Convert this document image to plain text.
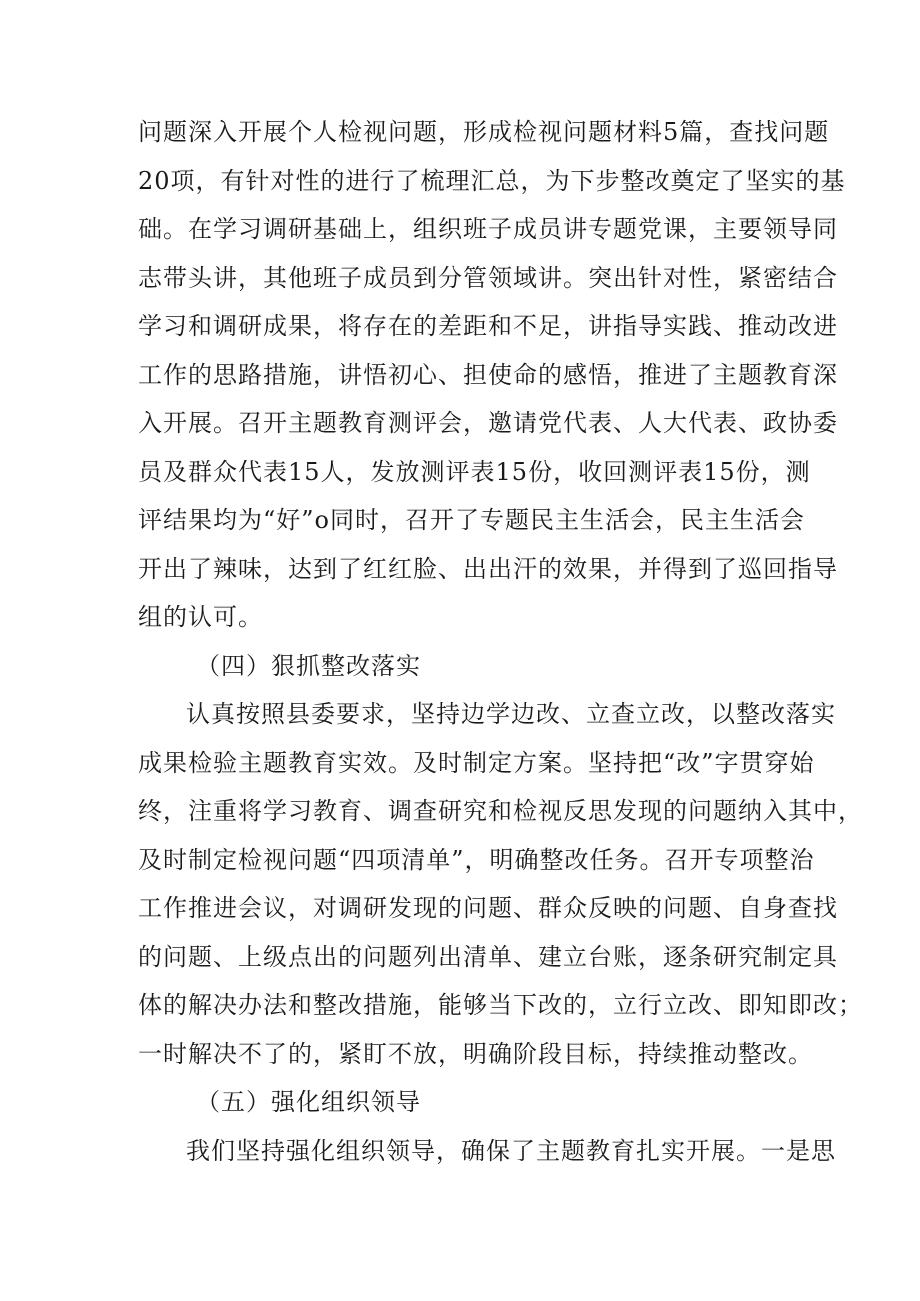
问题深入开展个人检视问题，形成检视问题材料5篇，查找问题
20项，有针对性的进行了梳理汇总，为下步整改奠定了坚实的基
础。在学习调研基础上，组织班子成员讲专题党课，主要领导同
志带头讲，其他班子成员到分管领域讲。突出针对性，紧密结合
学习和调研成果，将存在的差距和不足，讲指导实践、推动改进
工作的思路措施，讲悟初心、担使命的感悟，推进了主题教育深
入开展。召开主题教育测评会，邀请党代表、人大代表、政协委
员及群众代表15人，发放测评表15份，收回测评表15份，测
评结果均为“好”o同时，召开了专题民主生活会，民主生活会
开出了辣味，达到了红红脸、出出汗的效果，并得到了巡回指导
组的认可。
（四）狠抓整改落实
认真按照县委要求，坚持边学边改、立查立改，以整改落实
成果检验主题教育实效。及时制定方案。坚持把“改”字贯穿始
终，注重将学习教育、调查研究和检视反思发现的问题纳入其中，
及时制定检视问题“四项清单”，明确整改任务。召开专项整治
工作推进会议，对调研发现的问题、群众反映的问题、自身查找
的问题、上级点出的问题列出清单、建立台账，逐条研究制定具
体的解决办法和整改措施，能够当下改的，立行立改、即知即改；
一时解决不了的，紧盯不放，明确阶段目标，持续推动整改。
（五）强化组织领导
我们坚持强化组织领导，确保了主题教育扎实开展。一是思
